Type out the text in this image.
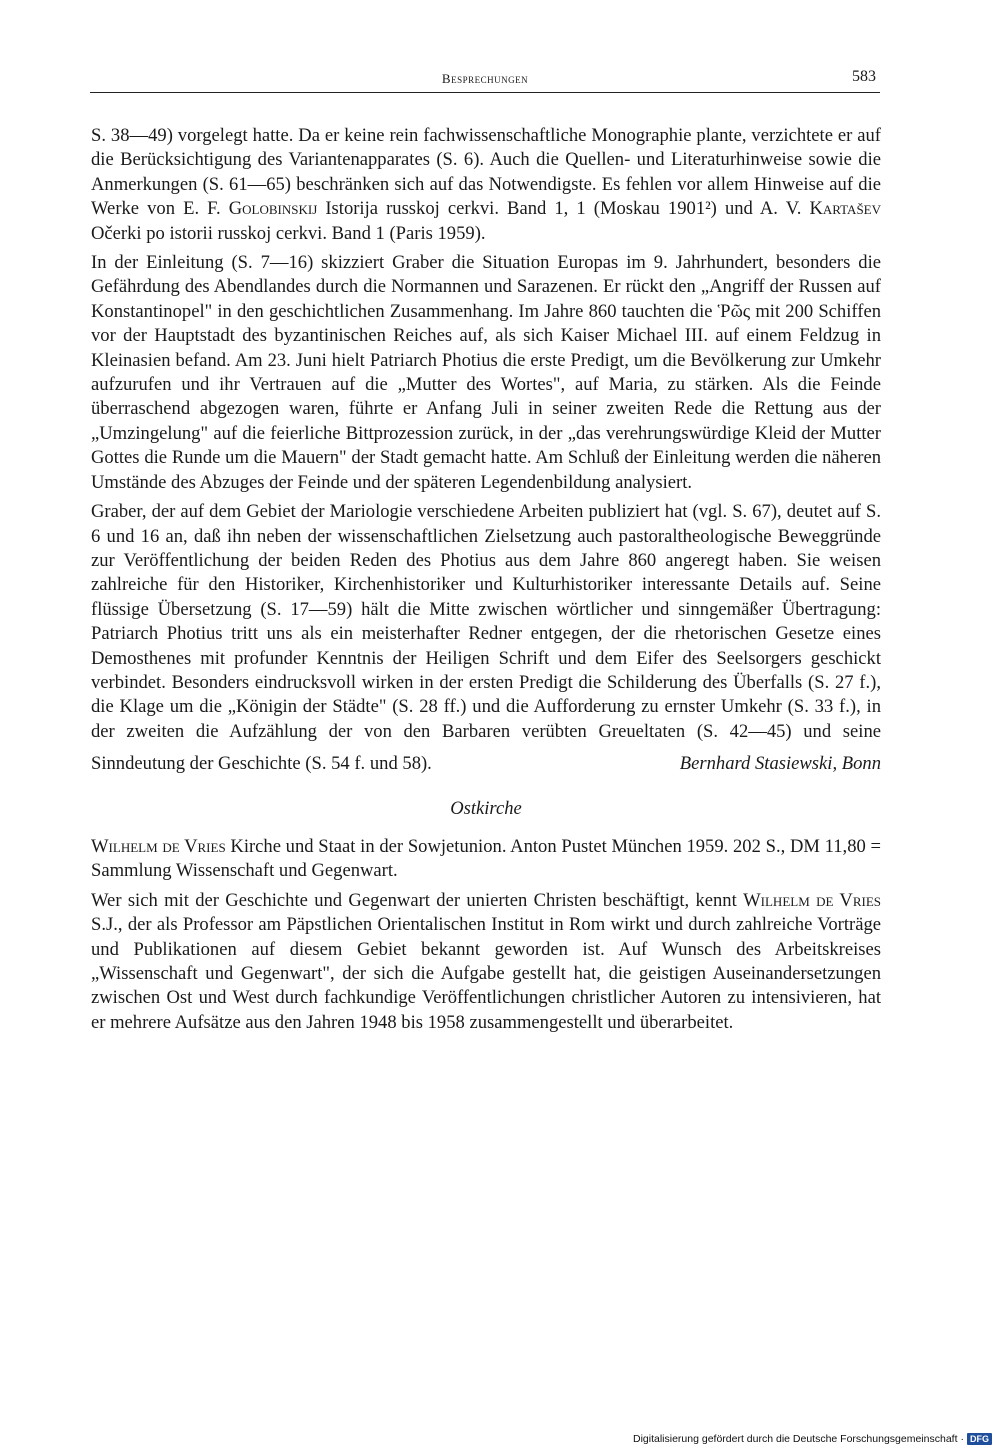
Besprechungen	583

S. 38—49) vorgelegt hatte. Da er keine rein fachwissenschaftliche Monographie plante, verzichtete er auf die Berücksichtigung des Variantenapparates (S. 6). Auch die Quellen- und Literaturhinweise sowie die Anmerkungen (S. 61—65) beschränken sich auf das Notwendigste. Es fehlen vor allem Hinweise auf die Werke von E. F. Golobinskij Istorija russkoj cerkvi. Band 1, 1 (Moskau 1901²) und A. V. Kartašev Očerki po istorii russkoj cerkvi. Band 1 (Paris 1959).

In der Einleitung (S. 7—16) skizziert Graber die Situation Europas im 9. Jahrhundert, besonders die Gefährdung des Abendlandes durch die Normannen und Sarazenen. Er rückt den „Angriff der Russen auf Konstantinopel" in den geschichtlichen Zusammenhang. Im Jahre 860 tauchten die Ῥῶς mit 200 Schiffen vor der Hauptstadt des byzantinischen Reiches auf, als sich Kaiser Michael III. auf einem Feldzug in Kleinasien befand. Am 23. Juni hielt Patriarch Photius die erste Predigt, um die Bevölkerung zur Umkehr aufzurufen und ihr Vertrauen auf die „Mutter des Wortes", auf Maria, zu stärken. Als die Feinde überraschend abgezogen waren, führte er Anfang Juli in seiner zweiten Rede die Rettung aus der „Umzingelung" auf die feierliche Bittprozession zurück, in der „das verehrungswürdige Kleid der Mutter Gottes die Runde um die Mauern" der Stadt gemacht hatte. Am Schluß der Einleitung werden die näheren Umstände des Abzuges der Feinde und der späteren Legendenbildung analysiert.

Graber, der auf dem Gebiet der Mariologie verschiedene Arbeiten publiziert hat (vgl. S. 67), deutet auf S. 6 und 16 an, daß ihn neben der wissenschaftlichen Zielsetzung auch pastoraltheologische Beweggründe zur Veröffentlichung der beiden Reden des Photius aus dem Jahre 860 angeregt haben. Sie weisen zahlreiche für den Historiker, Kirchenhistoriker und Kulturhistoriker interessante Details auf. Seine flüssige Übersetzung (S. 17—59) hält die Mitte zwischen wörtlicher und sinngemäßer Übertragung: Patriarch Photius tritt uns als ein meisterhafter Redner entgegen, der die rhetorischen Gesetze eines Demosthenes mit profunder Kenntnis der Heiligen Schrift und dem Eifer des Seelsorgers geschickt verbindet. Besonders eindrucksvoll wirken in der ersten Predigt die Schilderung des Überfalls (S. 27 f.), die Klage um die „Königin der Städte" (S. 28 ff.) und die Aufforderung zu ernster Umkehr (S. 33 f.), in der zweiten die Aufzählung der von den Barbaren verübten Greueltaten (S. 42—45) und seine
Sinndeutung der Geschichte (S. 54 f. und 58).	Bernhard Stasiewski, Bonn
Ostkirche

Wilhelm de Vries Kirche und Staat in der Sowjetunion. Anton Pustet München 1959. 202 S., DM 11,80 = Sammlung Wissenschaft und Gegenwart.

Wer sich mit der Geschichte und Gegenwart der unierten Christen beschäftigt, kennt Wilhelm de Vries S.J., der als Professor am Päpstlichen Orientalischen Institut in Rom wirkt und durch zahlreiche Vorträge und Publikationen auf diesem Gebiet bekannt geworden ist. Auf Wunsch des Arbeitskreises „Wissenschaft und Gegenwart", der sich die Aufgabe gestellt hat, die geistigen Auseinandersetzungen zwischen Ost und West durch fachkundige Veröffentlichungen christlicher Autoren zu intensivieren, hat er mehrere Aufsätze aus den Jahren 1948 bis 1958 zusammengestellt und überarbeitet.

Digitalisierung gefördert durch die Deutsche Forschungsgemeinschaft · DFG
